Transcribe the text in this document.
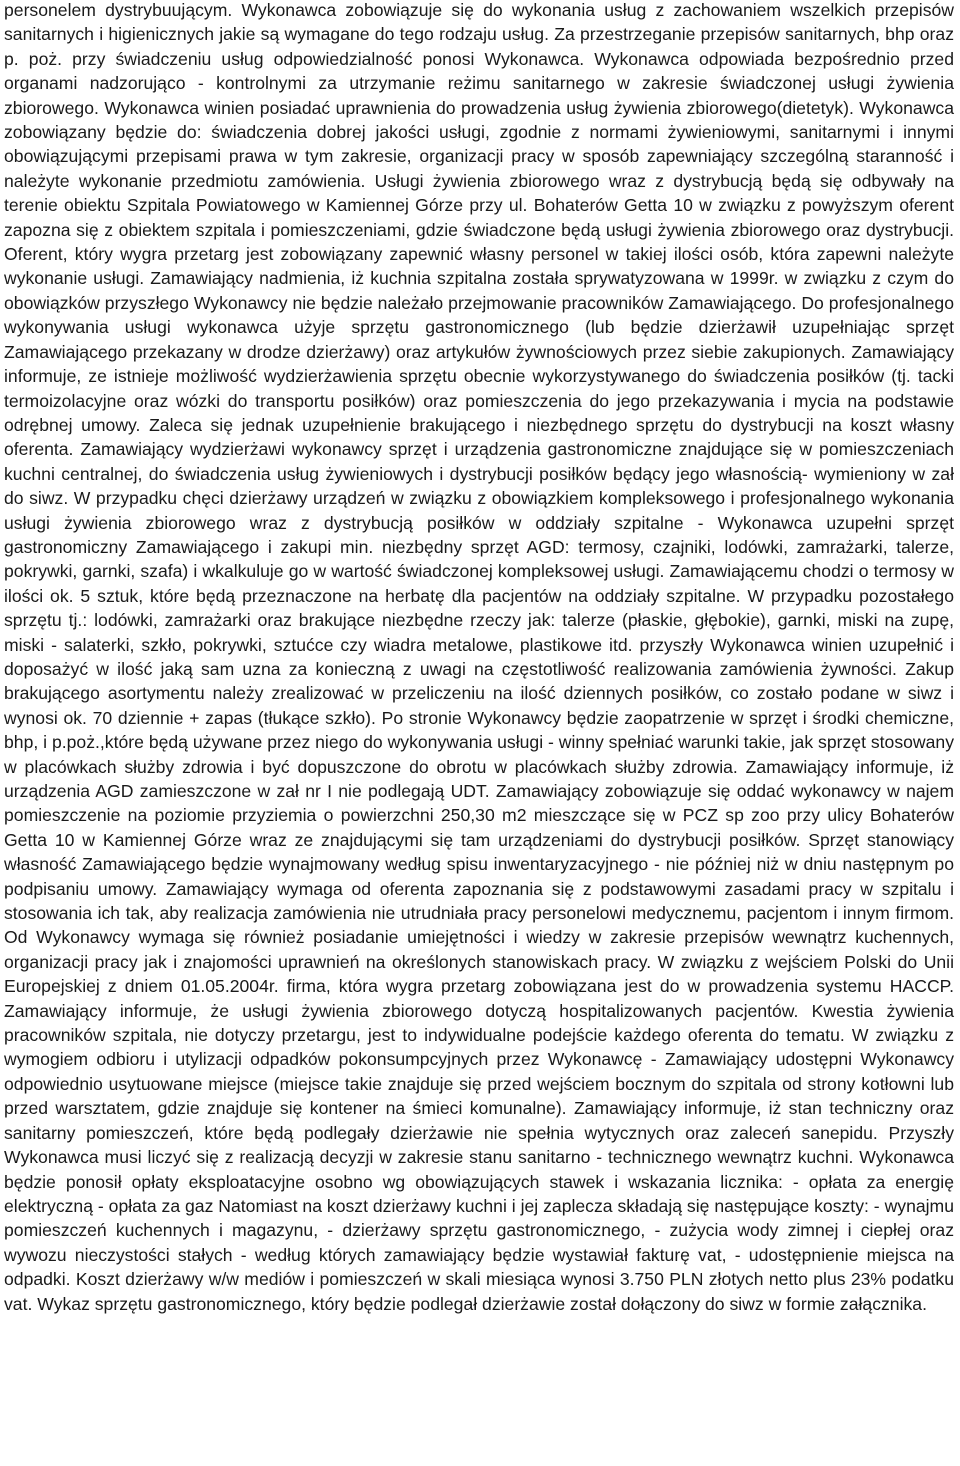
personelem dystrybuującym. Wykonawca zobowiązuje się do wykonania usług z zachowaniem wszelkich przepisów sanitarnych i higienicznych jakie są wymagane do tego rodzaju usług. Za przestrzeganie przepisów sanitarnych, bhp oraz p. poż. przy świadczeniu usług odpowiedzialność ponosi Wykonawca. Wykonawca odpowiada bezpośrednio przed organami nadzorująco - kontrolnymi za utrzymanie reżimu sanitarnego w zakresie świadczonej usługi żywienia zbiorowego. Wykonawca winien posiadać uprawnienia do prowadzenia usług żywienia zbiorowego(dietetyk). Wykonawca zobowiązany będzie do: świadczenia dobrej jakości usługi, zgodnie z normami żywieniowymi, sanitarnymi i innymi obowiązującymi przepisami prawa w tym zakresie, organizacji pracy w sposób zapewniający szczególną staranność i należyte wykonanie przedmiotu zamówienia. Usługi żywienia zbiorowego wraz z dystrybucją będą się odbywały na terenie obiektu Szpitala Powiatowego w Kamiennej Górze przy ul. Bohaterów Getta 10 w związku z powyższym oferent zapozna się z obiektem szpitala i pomieszczeniami, gdzie świadczone będą usługi żywienia zbiorowego oraz dystrybucji. Oferent, który wygra przetarg jest zobowiązany zapewnić własny personel w takiej ilości osób, która zapewni należyte wykonanie usługi. Zamawiający nadmienia, iż kuchnia szpitalna została sprywatyzowana w 1999r. w związku z czym do obowiązków przyszłego Wykonawcy nie będzie należało przejmowanie pracowników Zamawiającego. Do profesjonalnego wykonywania usługi wykonawca użyje sprzętu gastronomicznego (lub będzie dzierżawił uzupełniając sprzęt Zamawiającego przekazany w drodze dzierżawy) oraz artykułów żywnościowych przez siebie zakupionych. Zamawiający informuje, ze istnieje możliwość wydzierżawienia sprzętu obecnie wykorzystywanego do świadczenia posiłków (tj. tacki termoizolacyjne oraz wózki do transportu posiłków) oraz pomieszczenia do jego przekazywania i mycia na podstawie odrębnej umowy. Zaleca się jednak uzupełnienie brakującego i niezbędnego sprzętu do dystrybucji na koszt własny oferenta. Zamawiający wydzierżawi wykonawcy sprzęt i urządzenia gastronomiczne znajdujące się w pomieszczeniach kuchni centralnej, do świadczenia usług żywieniowych i dystrybucji posiłków będący jego własnością- wymieniony w zał do siwz. W przypadku chęci dzierżawy urządzeń w związku z obowiązkiem kompleksowego i profesjonalnego wykonania usługi żywienia zbiorowego wraz z dystrybucją posiłków w oddziały szpitalne - Wykonawca uzupełni sprzęt gastronomiczny Zamawiającego i zakupi min. niezbędny sprzęt AGD: termosy, czajniki, lodówki, zamrażarki, talerze, pokrywki, garnki, szafa) i wkalkuluje go w wartość świadczonej kompleksowej usługi. Zamawiającemu chodzi o termosy w ilości ok. 5 sztuk, które będą przeznaczone na herbatę dla pacjentów na oddziały szpitalne. W przypadku pozostałego sprzętu tj.: lodówki, zamrażarki oraz brakujące niezbędne rzeczy jak: talerze (płaskie, głębokie), garnki, miski na zupę, miski - salaterki, szkło, pokrywki, sztućce czy wiadra metalowe, plastikowe itd. przyszły Wykonawca winien uzupełnić i doposażyć w ilość jaką sam uzna za konieczną z uwagi na częstotliwość realizowania zamówienia żywności. Zakup brakującego asortymentu należy zrealizować w przeliczeniu na ilość dziennych posiłków, co zostało podane w siwz i wynosi ok. 70 dziennie + zapas (tłukące szkło). Po stronie Wykonawcy będzie zaopatrzenie w sprzęt i środki chemiczne, bhp, i p.poż.,które będą używane przez niego do wykonywania usługi - winny spełniać warunki takie, jak sprzęt stosowany w placówkach służby zdrowia i być dopuszczone do obrotu w placówkach służby zdrowia. Zamawiający informuje, iż urządzenia AGD zamieszczone w zał nr I nie podlegają UDT. Zamawiający zobowiązuje się oddać wykonawcy w najem pomieszczenie na poziomie przyziemia o powierzchni 250,30 m2 mieszczące się w PCZ sp zoo przy ulicy Bohaterów Getta 10 w Kamiennej Górze wraz ze znajdującymi się tam urządzeniami do dystrybucji posiłków. Sprzęt stanowiący własność Zamawiającego będzie wynajmowany według spisu inwentaryzacyjnego - nie później niż w dniu następnym po podpisaniu umowy. Zamawiający wymaga od oferenta zapoznania się z podstawowymi zasadami pracy w szpitalu i stosowania ich tak, aby realizacja zamówienia nie utrudniała pracy personelowi medycznemu, pacjentom i innym firmom. Od Wykonawcy wymaga się również posiadanie umiejętności i wiedzy w zakresie przepisów wewnątrz kuchennych, organizacji pracy jak i znajomości uprawnień na określonych stanowiskach pracy. W związku z wejściem Polski do Unii Europejskiej z dniem 01.05.2004r. firma, która wygra przetarg zobowiązana jest do w prowadzenia systemu HACCP. Zamawiający informuje, że usługi żywienia zbiorowego dotyczą hospitalizowanych pacjentów. Kwestia żywienia pracowników szpitala, nie dotyczy przetargu, jest to indywidualne podejście każdego oferenta do tematu. W związku z wymogiem odbioru i utylizacji odpadków pokonsumpcyjnych przez Wykonawcę - Zamawiający udostępni Wykonawcy odpowiednio usytuowane miejsce (miejsce takie znajduje się przed wejściem bocznym do szpitala od strony kotłowni lub przed warsztatem, gdzie znajduje się kontener na śmieci komunalne). Zamawiający informuje, iż stan techniczny oraz sanitarny pomieszczeń, które będą podlegały dzierżawie nie spełnia wytycznych oraz zaleceń sanepidu. Przyszły Wykonawca musi liczyć się z realizacją decyzji w zakresie stanu sanitarno - technicznego wewnątrz kuchni. Wykonawca będzie ponosił opłaty eksploatacyjne osobno wg obowiązujących stawek i wskazania licznika: - opłata za energię elektryczną - opłata za gaz Natomiast na koszt dzierżawy kuchni i jej zaplecza składają się następujące koszty: - wynajmu pomieszczeń kuchennych i magazynu, - dzierżawy sprzętu gastronomicznego, - zużycia wody zimnej i ciepłej oraz wywozu nieczystości stałych - według których zamawiający będzie wystawiał fakturę vat, - udostępnienie miejsca na odpadki. Koszt dzierżawy w/w mediów i pomieszczeń w skali miesiąca wynosi 3.750 PLN złotych netto plus 23% podatku vat. Wykaz sprzętu gastronomicznego, który będzie podlegał dzierżawie został dołączony do siwz w formie załącznika.
